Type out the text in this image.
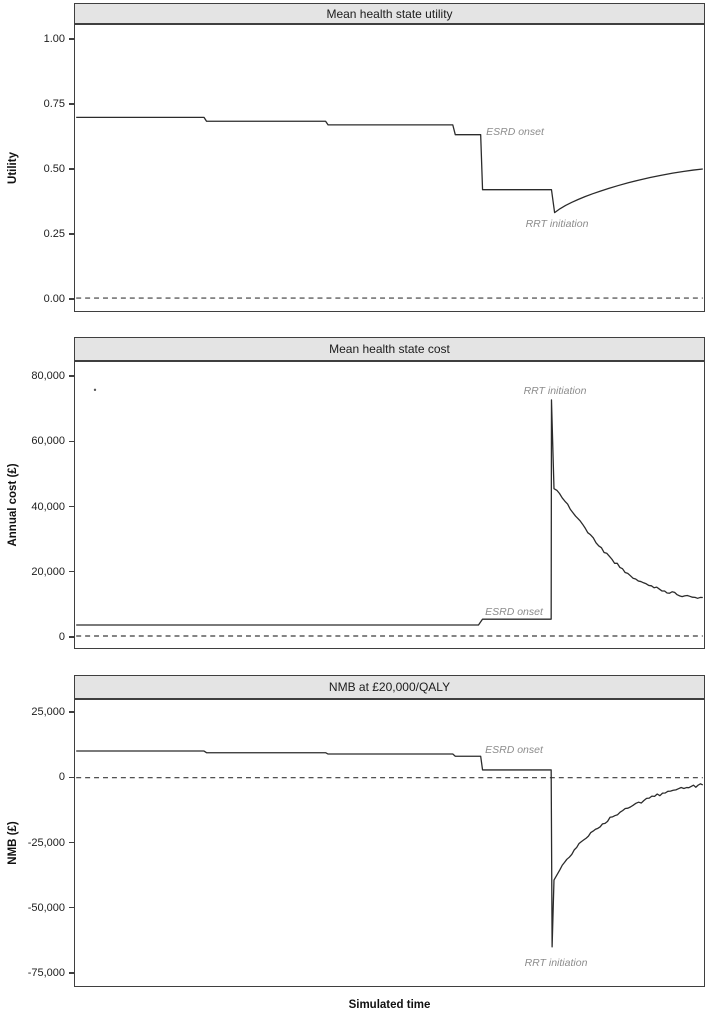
Mean health state utility
1.00
0.75
0.50
0.25
0.00
Utility
ESRD onset
RRT initiation
Mean health state cost
80,000
60,000
40,000
20,000
0
Annual cost (£)
RRT initiation
ESRD onset
NMB at £20,000/QALY
25,000
0
-25,000
-50,000
-75,000
NMB (£)
ESRD onset
RRT initiation
Simulated time
